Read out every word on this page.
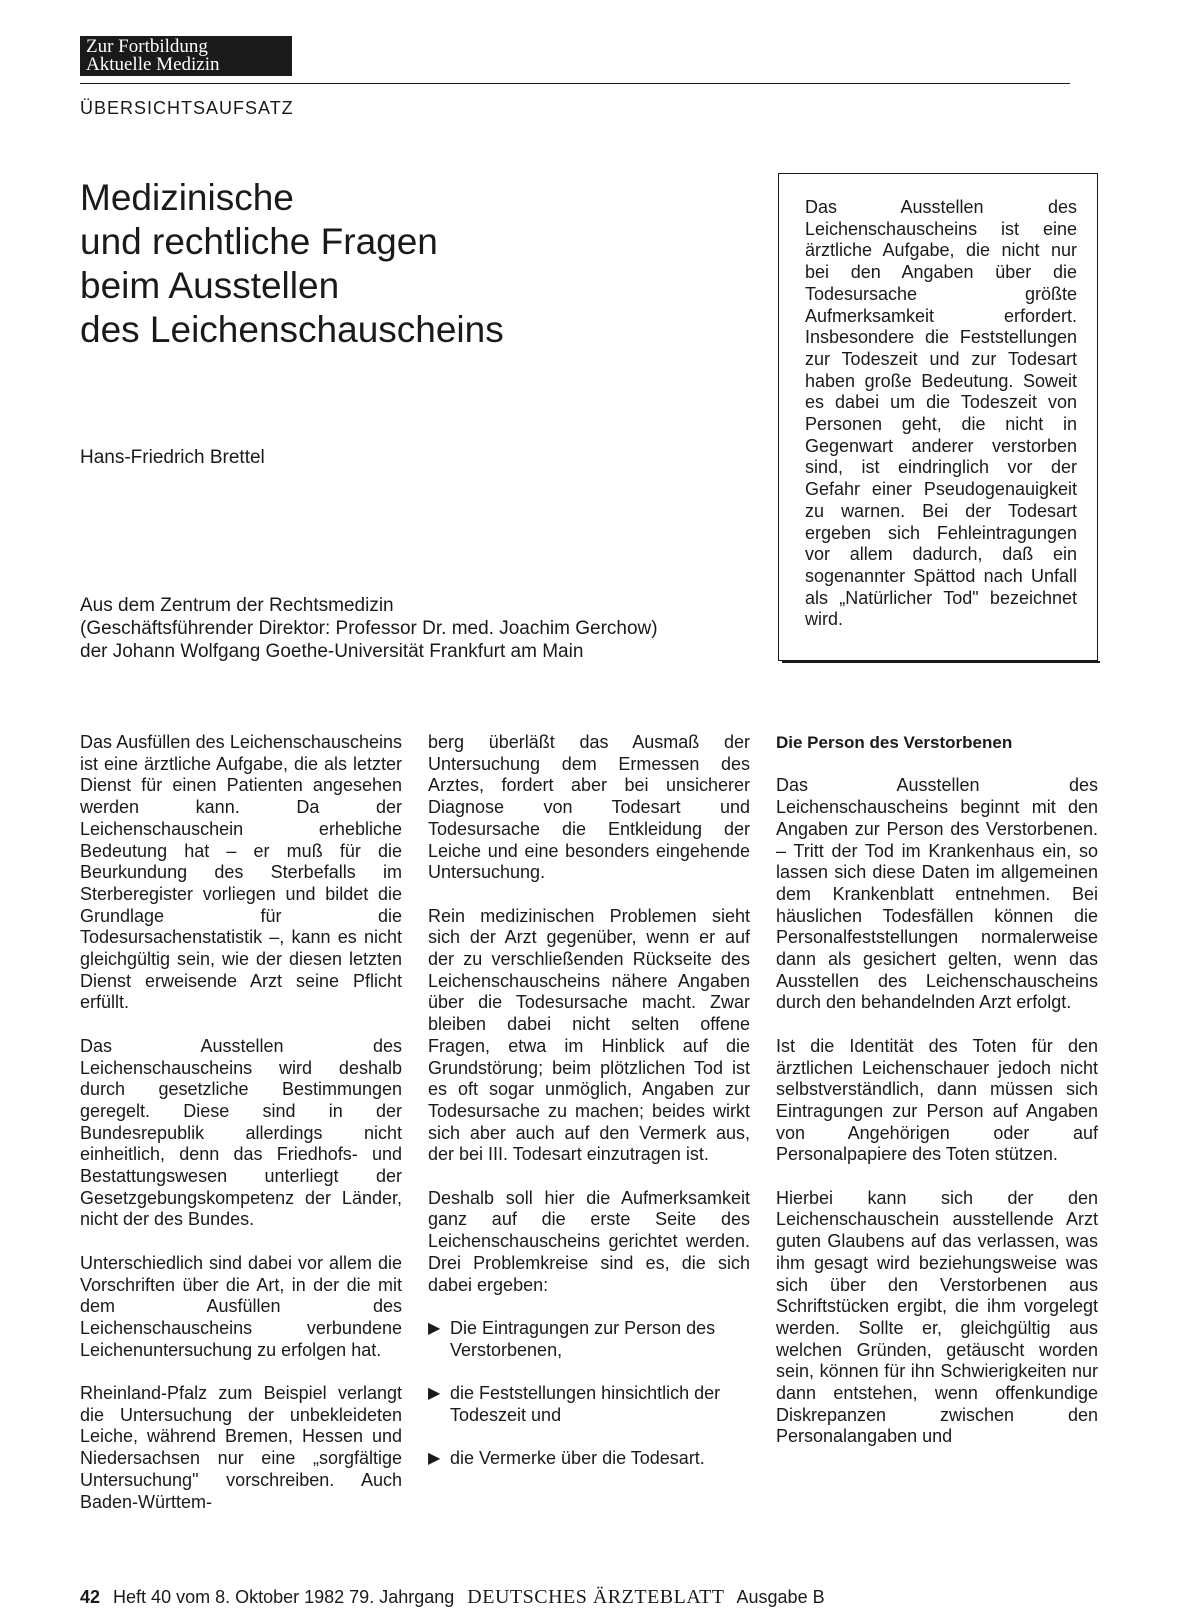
Zur Fortbildung
Aktuelle Medizin
ÜBERSICHTSAUFSATZ
Medizinische
und rechtliche Fragen
beim Ausstellen
des Leichenschauscheins
Hans-Friedrich Brettel
Aus dem Zentrum der Rechtsmedizin
(Geschäftsführender Direktor: Professor Dr. med. Joachim Gerchow)
der Johann Wolfgang Goethe-Universität Frankfurt am Main
Das Ausstellen des Leichenschauscheins ist eine ärztliche Aufgabe, die nicht nur bei den Angaben über die Todesursache größte Aufmerksamkeit erfordert. Insbesondere die Feststellungen zur Todeszeit und zur Todesart haben große Bedeutung. Soweit es dabei um die Todeszeit von Personen geht, die nicht in Gegenwart anderer verstorben sind, ist eindringlich vor der Gefahr einer Pseudogenauigkeit zu warnen. Bei der Todesart ergeben sich Fehleintragungen vor allem dadurch, daß ein sogenannter Spättod nach Unfall als „Natürlicher Tod" bezeichnet wird.

Das Ausfüllen des Leichenschauscheins ist eine ärztliche Aufgabe, die als letzter Dienst für einen Patienten angesehen werden kann. Da der Leichenschauschein erhebliche Bedeutung hat – er muß für die Beurkundung des Sterbefalls im Sterberegister vorliegen und bildet die Grundlage für die Todesursachenstatistik –, kann es nicht gleichgültig sein, wie der diesen letzten Dienst erweisende Arzt seine Pflicht erfüllt.

Das Ausstellen des Leichenschauscheins wird deshalb durch gesetzliche Bestimmungen geregelt. Diese sind in der Bundesrepublik allerdings nicht einheitlich, denn das Friedhofs- und Bestattungswesen unterliegt der Gesetzgebungskompetenz der Länder, nicht der des Bundes.

Unterschiedlich sind dabei vor allem die Vorschriften über die Art, in der die mit dem Ausfüllen des Leichenschauscheins verbundene Leichenuntersuchung zu erfolgen hat.

Rheinland-Pfalz zum Beispiel verlangt die Untersuchung der unbekleideten Leiche, während Bremen, Hessen und Niedersachsen nur eine „sorgfältige Untersuchung" vorschreiben. Auch Baden-Württem-

berg überläßt das Ausmaß der Untersuchung dem Ermessen des Arztes, fordert aber bei unsicherer Diagnose von Todesart und Todesursache die Entkleidung der Leiche und eine besonders eingehende Untersuchung.

Rein medizinischen Problemen sieht sich der Arzt gegenüber, wenn er auf der zu verschließenden Rückseite des Leichenschauscheins nähere Angaben über die Todesursache macht. Zwar bleiben dabei nicht selten offene Fragen, etwa im Hinblick auf die Grundstörung; beim plötzlichen Tod ist es oft sogar unmöglich, Angaben zur Todesursache zu machen; beides wirkt sich aber auch auf den Vermerk aus, der bei III. Todesart einzutragen ist.

Deshalb soll hier die Aufmerksamkeit ganz auf die erste Seite des Leichenschauscheins gerichtet werden. Drei Problemkreise sind es, die sich dabei ergeben:

▶ Die Eintragungen zur Person des Verstorbenen,
▶ die Feststellungen hinsichtlich der Todeszeit und
▶ die Vermerke über die Todesart.
Die Person des Verstorbenen

Das Ausstellen des Leichenschauscheins beginnt mit den Angaben zur Person des Verstorbenen. – Tritt der Tod im Krankenhaus ein, so lassen sich diese Daten im allgemeinen dem Krankenblatt entnehmen. Bei häuslichen Todesfällen können die Personalfeststellungen normalerweise dann als gesichert gelten, wenn das Ausstellen des Leichenschauscheins durch den behandelnden Arzt erfolgt.

Ist die Identität des Toten für den ärztlichen Leichenschauer jedoch nicht selbstverständlich, dann müssen sich Eintragungen zur Person auf Angaben von Angehörigen oder auf Personalpapiere des Toten stützen.

Hierbei kann sich der den Leichenschauschein ausstellende Arzt guten Glaubens auf das verlassen, was ihm gesagt wird beziehungsweise was sich über den Verstorbenen aus Schriftstücken ergibt, die ihm vorgelegt werden. Sollte er, gleichgültig aus welchen Gründen, getäuscht worden sein, können für ihn Schwierigkeiten nur dann entstehen, wenn offenkundige Diskrepanzen zwischen den Personalangaben und

42 Heft 40 vom 8. Oktober 1982 79. Jahrgang DEUTSCHES ÄRZTEBLATT Ausgabe B
